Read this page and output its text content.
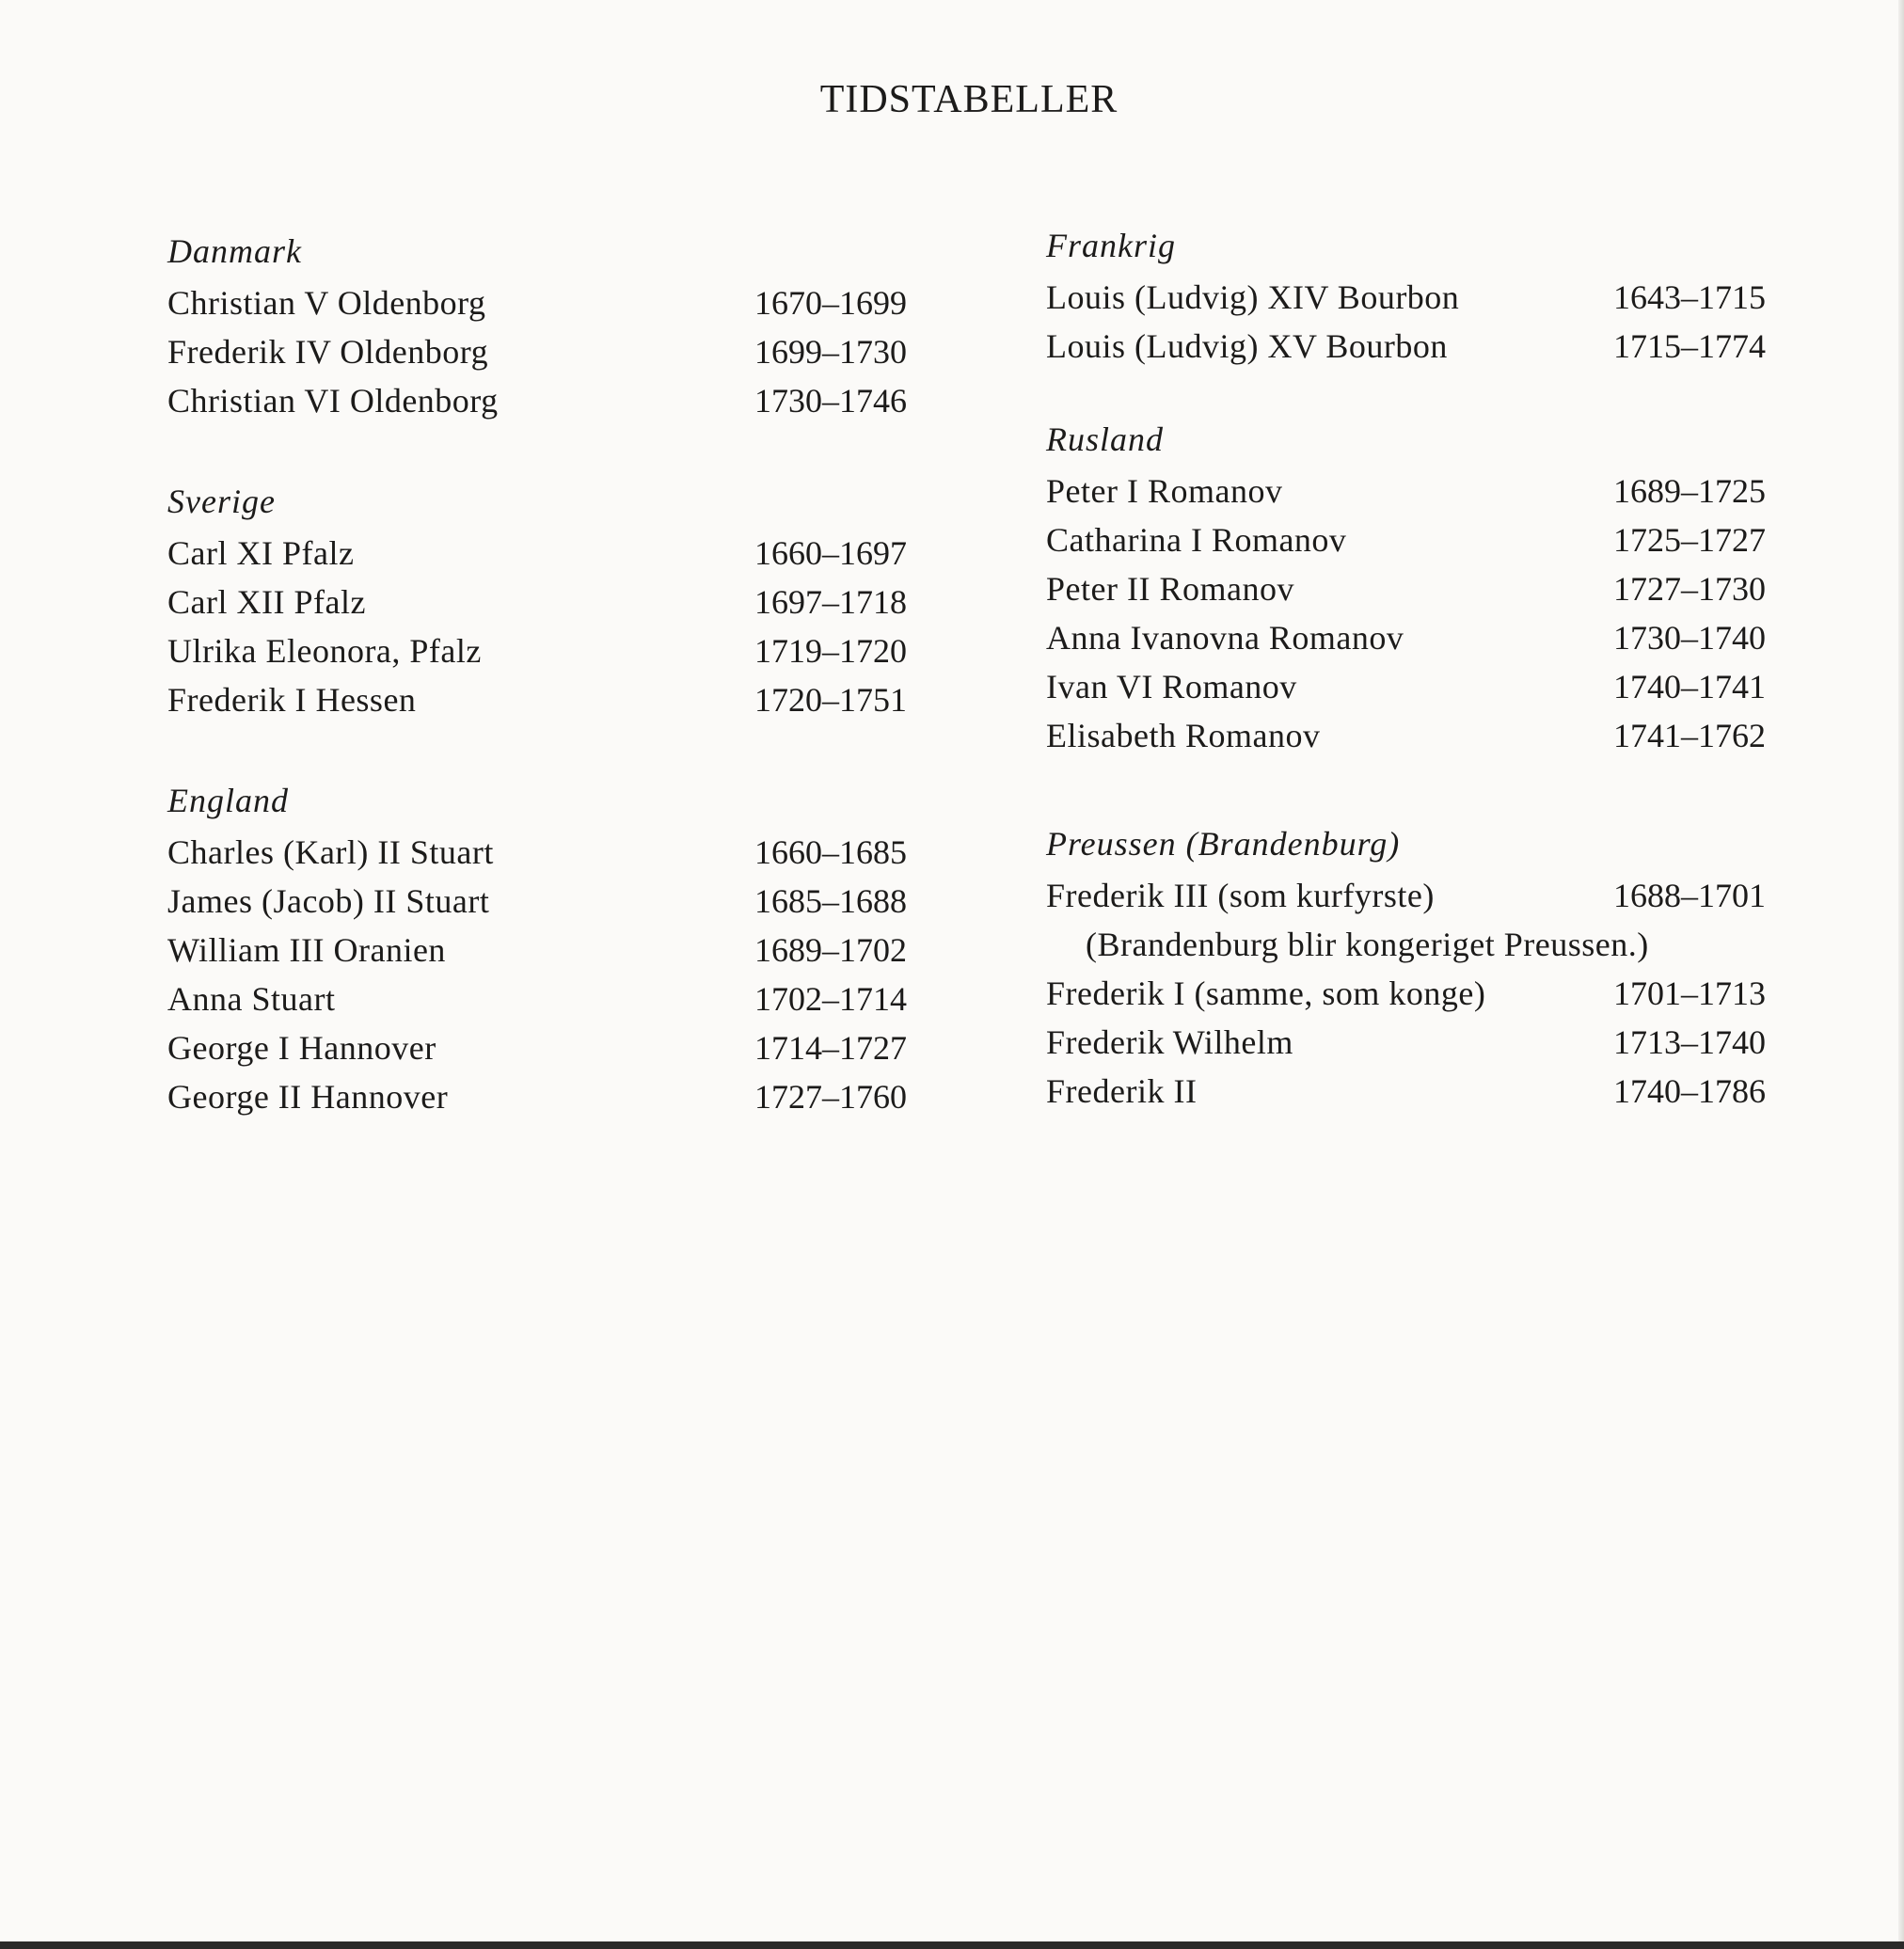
TIDSTABELLER
Danmark
Christian V Oldenborg	1670–1699
Frederik IV Oldenborg	1699–1730
Christian VI Oldenborg	1730–1746
Sverige
Carl XI Pfalz	1660–1697
Carl XII Pfalz	1697–1718
Ulrika Eleonora, Pfalz	1719–1720
Frederik I Hessen	1720–1751
England
Charles (Karl) II Stuart	1660–1685
James (Jacob) II Stuart	1685–1688
William III Oranien	1689–1702
Anna Stuart	1702–1714
George I Hannover	1714–1727
George II Hannover	1727–1760
Frankrig
Louis (Ludvig) XIV Bourbon	1643–1715
Louis (Ludvig) XV Bourbon	1715–1774
Rusland
Peter I Romanov	1689–1725
Catharina I Romanov	1725–1727
Peter II Romanov	1727–1730
Anna Ivanovna Romanov	1730–1740
Ivan VI Romanov	1740–1741
Elisabeth Romanov	1741–1762
Preussen (Brandenburg)
Frederik III (som kurfyrste)	1688–1701
(Brandenburg blir kongeriget Preussen.)
Frederik I (samme, som konge)	1701–1713
Frederik Wilhelm	1713–1740
Frederik II	1740–1786
